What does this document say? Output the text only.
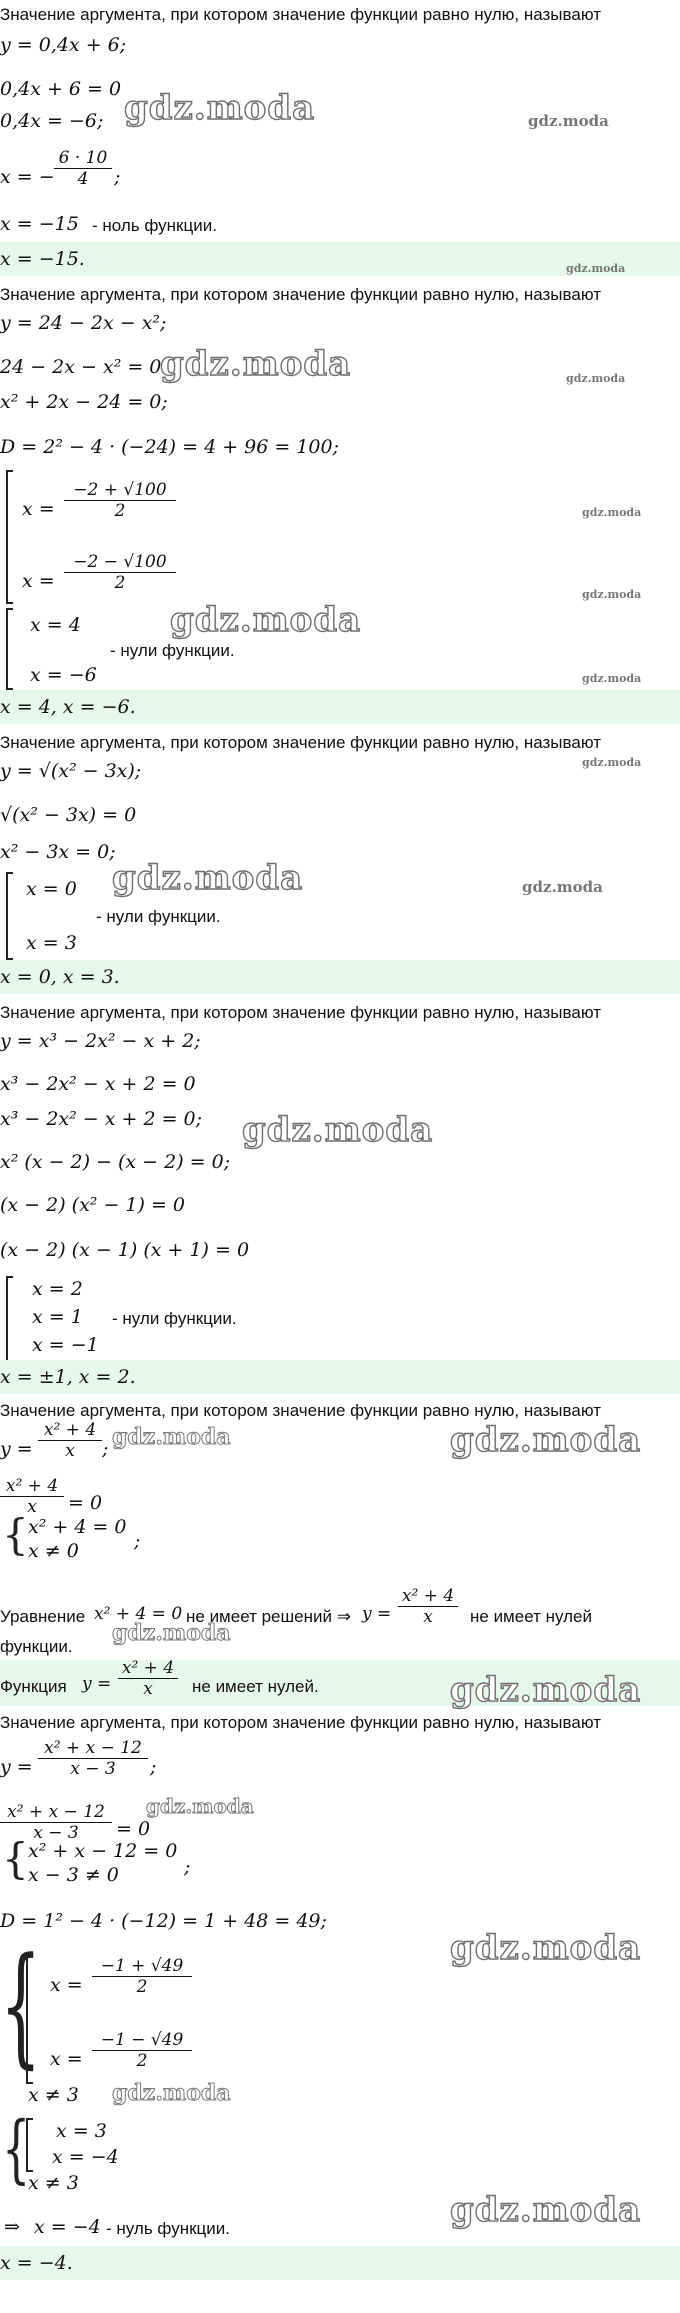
Значение аргумента, при котором значение функции равно нулю, называют
y = 0,4x + 6;
0,4x + 6 = 0
0,4x = −6;
x = −
6 · 10
4	;
x = −15 - ноль функции.
x = −15.
Значение аргумента, при котором значение функции равно нулю, называют
y = 24 − 2x − x²;
24 − 2x − x² = 0
x² + 2x − 24 = 0;
D = 2² − 4 · (−24) = 4 + 96 = 100;
x =
−2 + √100
2
x =
−2 − √100
2
x = 4
- нули функции.
x = −6
x = 4, x = −6.
Значение аргумента, при котором значение функции равно нулю, называют
y = √(x² − 3x);
√(x² − 3x) = 0
x² − 3x = 0;
x = 0
- нули функции.
x = 3
x = 0, x = 3.
Значение аргумента, при котором значение функции равно нулю, называют
y = x³ − 2x² − x + 2;
x³ − 2x² − x + 2 = 0
x³ − 2x² − x + 2 = 0;
x² (x − 2) − (x − 2) = 0;
(x − 2) (x² − 1) = 0
(x − 2) (x − 1) (x + 1) = 0
x = 2
x = 1 - нули функции.
x = −1
x = ±1, x = 2.
Значение аргумента, при котором значение функции равно нулю, называют
y =
x² + 4
x	;
x² + 4
x	= 0
{ x² + 4 = 0
x ≠ 0	;
Уравнение x² + 4 = 0 не имеет решений ⇒ y =
x² + 4
x	не имеет нулей
функции.
Функция y =
x² + 4
x	не имеет нулей.
Значение аргумента, при котором значение функции равно нулю, называют
y =
x² + x − 12
x − 3	;
x² + x − 12
x − 3	= 0
{ x² + x − 12 = 0
x − 3 ≠ 0	;
D = 1² − 4 · (−12) = 1 + 48 = 49;
{ x =
−1 + √49
2
x =
−1 − √49
2
x ≠ 3
{ x = 3
x = −4
x ≠ 3
⇒ x = −4 - нуль функции.
x = −4.
gdz.moda	gdz.moda
gdz.moda
gdz.moda	gdz.moda
gdz.moda
gdz.moda
gdz.moda
gdz.moda
gdz.moda
gdz.moda	gdz.moda
gdz.moda
gdz.moda	gdz.moda
gdz.moda
gdz.moda
gdz.moda
gdz.moda
gdz.moda
gdz.moda
